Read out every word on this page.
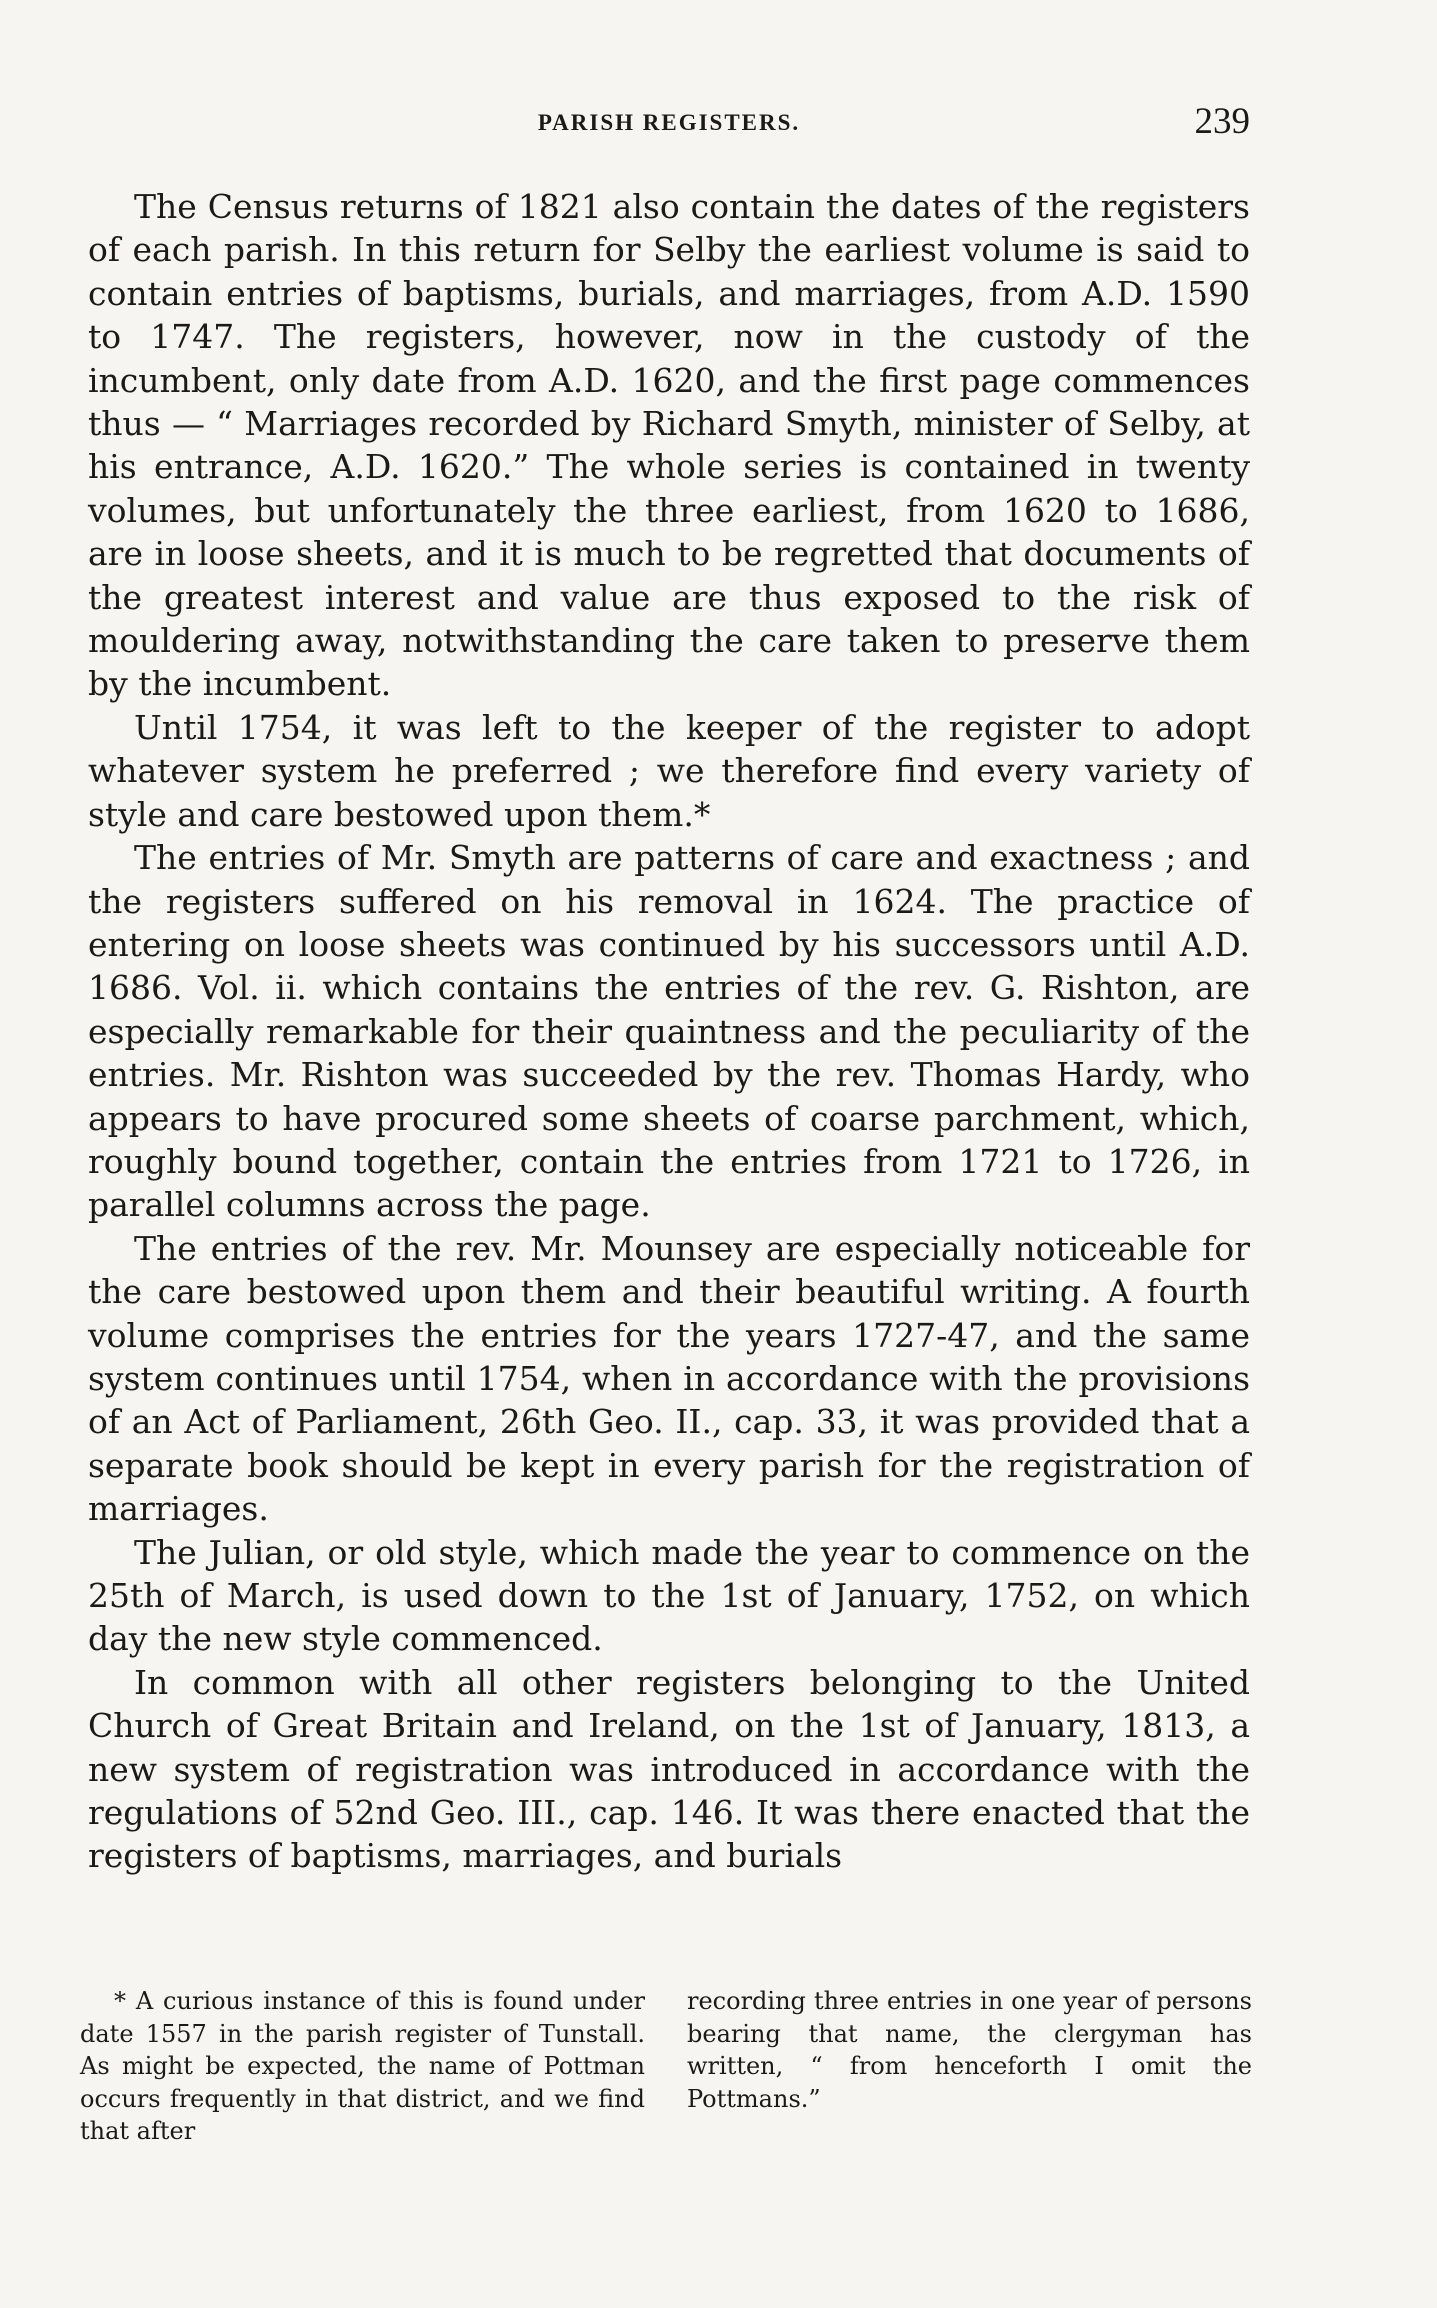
PARISH REGISTERS.	239

The Census returns of 1821 also contain the dates of the registers of each parish. In this return for Selby the earliest volume is said to contain entries of baptisms, burials, and marriages, from A.D. 1590 to 1747. The registers, however, now in the custody of the incumbent, only date from A.D. 1620, and the first page commences thus — “ Marriages recorded by Richard Smyth, minister of Selby, at his entrance, A.D. 1620.” The whole series is contained in twenty volumes, but unfortunately the three earliest, from 1620 to 1686, are in loose sheets, and it is much to be regretted that documents of the greatest interest and value are thus exposed to the risk of mouldering away, notwithstanding the care taken to preserve them by the incumbent.

Until 1754, it was left to the keeper of the register to adopt whatever system he preferred ; we therefore find every variety of style and care bestowed upon them.*

The entries of Mr. Smyth are patterns of care and exactness ; and the registers suffered on his removal in 1624. The practice of entering on loose sheets was continued by his successors until A.D. 1686. Vol. ii. which contains the entries of the rev. G. Rishton, are especially remarkable for their quaintness and the peculiarity of the entries. Mr. Rishton was succeeded by the rev. Thomas Hardy, who appears to have procured some sheets of coarse parchment, which, roughly bound together, contain the entries from 1721 to 1726, in parallel columns across the page.

The entries of the rev. Mr. Mounsey are especially noticeable for the care bestowed upon them and their beautiful writing. A fourth volume comprises the entries for the years 1727-47, and the same system continues until 1754, when in accordance with the provisions of an Act of Parliament, 26th Geo. II., cap. 33, it was provided that a separate book should be kept in every parish for the registration of marriages.

The Julian, or old style, which made the year to commence on the 25th of March, is used down to the 1st of January, 1752, on which day the new style commenced.

In common with all other registers belonging to the United Church of Great Britain and Ireland, on the 1st of January, 1813, a new system of registration was introduced in accordance with the regulations of 52nd Geo. III., cap. 146. It was there enacted that the registers of baptisms, marriages, and burials

* A curious instance of this is found under date 1557 in the parish register of Tunstall. As might be expected, the name of Pottman occurs frequently in that district, and we find that after
recording three entries in one year of persons bearing that name, the clergyman has written, “ from henceforth I omit the Pottmans.”
